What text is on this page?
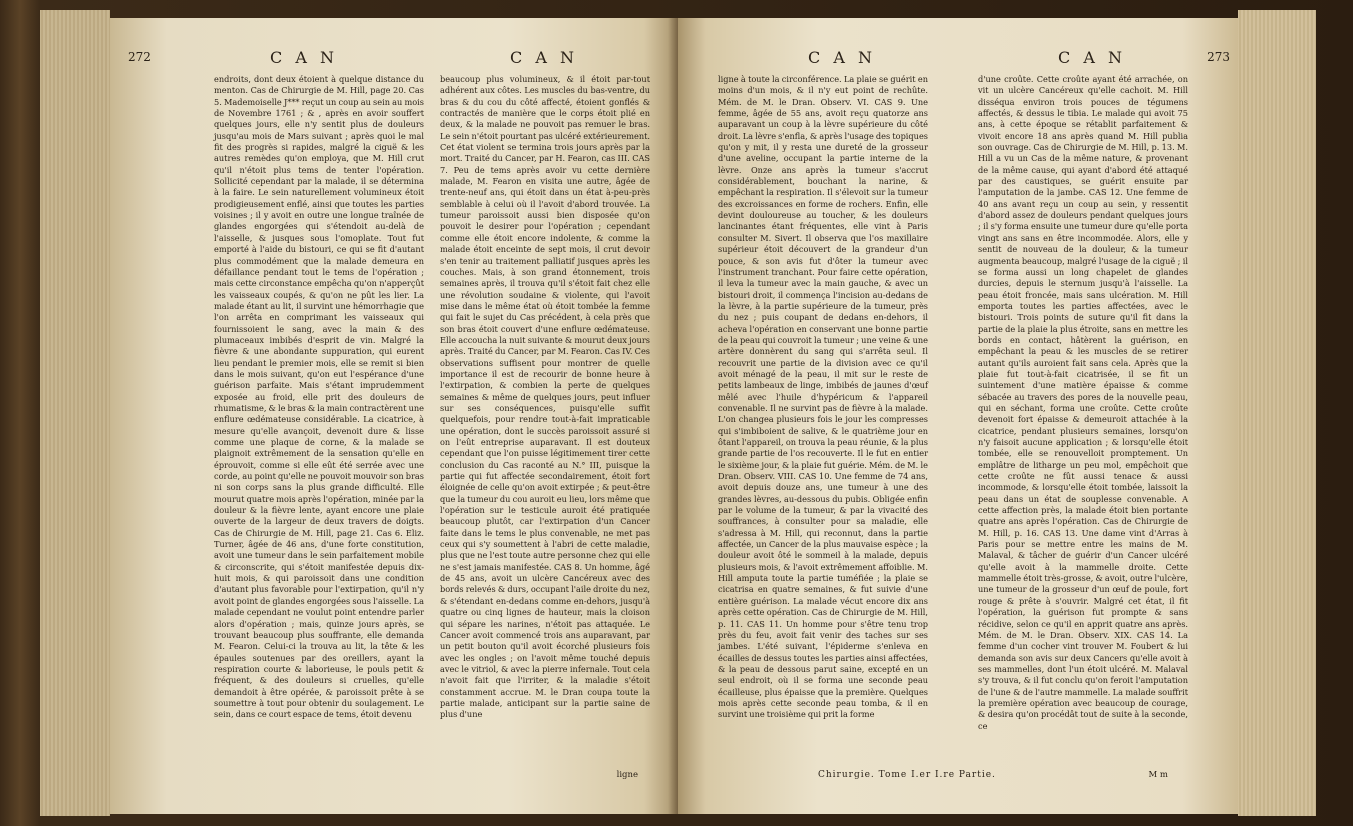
272	C A N	C A N
endroits, dont deux étoient à quelque distance du menton. Cas de Chirurgie de M. Hill, page 20. Cas 5. Mademoiselle J*** reçut un coup au sein au mois de Novembre 1761 ; & , après en avoir souffert quelques jours, elle n'y sentit plus de douleurs jusqu'au mois de Mars suivant ; après quoi le mal fit des progrès si rapides, malgré la ciguë & les autres remèdes qu'on employa, que M. Hill crut qu'il n'étoit plus tems de tenter l'opération. Sollicité cependant par la malade, il se détermina à la faire. Le sein naturellement volumineux étoit prodigieusement enflé, ainsi que toutes les parties voisines ; il y avoit en outre une longue traînée de glandes engorgées qui s'étendoit au-delà de l'aisselle, & jusques sous l'omoplate. Tout fut emporté à l'aide du bistouri, ce qui se fit d'autant plus commodément que la malade demeura en défaillance pendant tout le tems de l'opération ; mais cette circonstance empêcha qu'on n'apperçût les vaisseaux coupés, & qu'on ne pût les lier. La malade étant au lit, il survint une hémorrhagie que l'on arrêta en comprimant les vaisseaux qui fournissoient le sang, avec la main & des plumaceaux imbibés d'esprit de vin. Malgré la fièvre & une abondante suppuration, qui eurent lieu pendant le premier mois, elle se remit si bien dans le mois suivant, qu'on eut l'espérance d'une guérison parfaite. Mais s'étant imprudemment exposée au froid, elle prit des douleurs de rhumatisme, & le bras & la main contractèrent une enflure œdémateuse considérable. La cicatrice, à mesure qu'elle avançoit, devenoit dure & lisse comme une plaque de corne, & la malade se plaignoit extrêmement de la sensation qu'elle en éprouvoit, comme si elle eût été serrée avec une corde, au point qu'elle ne pouvoit mouvoir son bras ni son corps sans la plus grande difficulté. Elle mourut quatre mois après l'opération, minée par la douleur & la fièvre lente, ayant encore une plaie ouverte de la largeur de deux travers de doigts. Cas de Chirurgie de M. Hill, page 21. Cas 6. Eliz. Turner, âgée de 46 ans, d'une forte constitution, avoit une tumeur dans le sein parfaitement mobile & circonscrite, qui s'étoit manifestée depuis dix-huit mois, & qui paroissoit dans une condition d'autant plus favorable pour l'extirpation, qu'il n'y avoit point de glandes engorgées sous l'aisselle. La malade cependant ne voulut point entendre parler alors d'opération ; mais, quinze jours après, se trouvant beaucoup plus souffrante, elle demanda M. Fearon. Celui-ci la trouva au lit, la tête & les épaules soutenues par des oreillers, ayant la respiration courte & laborieuse, le pouls petit & fréquent, & des douleurs si cruelles, qu'elle demandoit à être opérée, & paroissoit prête à se soumettre à tout pour obtenir du soulagement. Le sein, dans ce court espace de tems, étoit devenu
beaucoup plus volumineux, & il étoit par-tout adhérent aux côtes. Les muscles du bas-ventre, du bras & du cou du côté affecté, étoient gonflés & contractés de manière que le corps étoit plié en deux, & la malade ne pouvoit pas remuer le bras. Le sein n'étoit pourtant pas ulcéré extérieurement. Cet état violent se termina trois jours après par la mort. Traité du Cancer, par H. Fearon, cas III. CAS 7. Peu de tems après avoir vu cette dernière malade, M. Fearon en visita une autre, âgée de trente-neuf ans, qui étoit dans un état à-peu-près semblable à celui où il l'avoit d'abord trouvée. La tumeur paroissoit aussi bien disposée qu'on pouvoit le desirer pour l'opération ; cependant comme elle étoit encore indolente, & comme la malade étoit enceinte de sept mois, il crut devoir s'en tenir au traitement palliatif jusques après les couches. Mais, à son grand étonnement, trois semaines après, il trouva qu'il s'étoit fait chez elle une révolution soudaine & violente, qui l'avoit mise dans le même état où étoit tombée la femme qui fait le sujet du Cas précédent, à cela près que son bras étoit couvert d'une enflure œdémateuse. Elle accoucha la nuit suivante & mourut deux jours après. Traité du Cancer, par M. Fearon. Cas IV. Ces observations suffisent pour montrer de quelle importance il est de recourir de bonne heure à l'extirpation, & combien la perte de quelques semaines & même de quelques jours, peut influer sur ses conséquences, puisqu'elle suffit quelquefois, pour rendre tout-à-fait impraticable une opération, dont le succès paroissoit assuré si on l'eût entreprise auparavant. Il est douteux cependant que l'on puisse légitimement tirer cette conclusion du Cas raconté au N.° III, puisque la partie qui fut affectée secondairement, étoit fort éloignée de celle qu'on avoit extirpée ; & peut-être que la tumeur du cou auroit eu lieu, lors même que l'opération sur le testicule auroit été pratiquée beaucoup plutôt, car l'extirpation d'un Cancer faite dans le tems le plus convenable, ne met pas ceux qui s'y soumettent à l'abri de cette maladie, plus que ne l'est toute autre personne chez qui elle ne s'est jamais manifestée. CAS 8. Un homme, âgé de 45 ans, avoit un ulcère Cancéreux avec des bords relevés & durs, occupant l'aile droite du nez, & s'étendant en-dedans comme en-dehors, jusqu'à quatre ou cinq lignes de hauteur, mais la cloison qui sépare les narines, n'étoit pas attaquée. Le Cancer avoit commencé trois ans auparavant, par un petit bouton qu'il avoit écorché plusieurs fois avec les ongles ; on l'avoit même touché depuis avec le vitriol, & avec la pierre infernale. Tout cela n'avoit fait que l'irriter, & la maladie s'étoit constamment accrue. M. le Dran coupa toute la partie malade, anticipant sur la partie saine de plus d'une
ligne
C A N	C A N	273
ligne à toute la circonférence. La plaie se guérit en moins d'un mois, & il n'y eut point de rechûte. Mém. de M. le Dran. Observ. VI. CAS 9. Une femme, âgée de 55 ans, avoit reçu quatorze ans auparavant un coup à la lèvre supérieure du côté droit. La lèvre s'enfla, & après l'usage des topiques qu'on y mit, il y resta une dureté de la grosseur d'une aveline, occupant la partie interne de la lèvre. Onze ans après la tumeur s'accrut considérablement, bouchant la narine, & empêchant la respiration. Il s'élevoit sur la tumeur des excroissances en forme de rochers. Enfin, elle devint douloureuse au toucher, & les douleurs lancinantes étant fréquentes, elle vint à Paris consulter M. Sivert. Il observa que l'os maxillaire supérieur étoit découvert de la grandeur d'un pouce, & son avis fut d'ôter la tumeur avec l'instrument tranchant. Pour faire cette opération, il leva la tumeur avec la main gauche, & avec un bistouri droit, il commença l'incision au-dedans de la lèvre, à la partie supérieure de la tumeur, près du nez ; puis coupant de dedans en-dehors, il acheva l'opération en conservant une bonne partie de la peau qui couvroit la tumeur ; une veine & une artère donnèrent du sang qui s'arrêta seul. Il recouvrit une partie de la division avec ce qu'il avoit ménagé de la peau, il mit sur le reste de petits lambeaux de linge, imbibés de jaunes d'œuf mêlé avec l'huile d'hypéricum & l'appareil convenable. Il ne survint pas de fièvre à la malade. L'on changea plusieurs fois le jour les compresses qui s'imbiboient de salive, & le quatrième jour en ôtant l'appareil, on trouva la peau réunie, & la plus grande partie de l'os recouverte. Il le fut en entier le sixième jour, & la plaie fut guérie. Mém. de M. le Dran. Observ. VIII. CAS 10. Une femme de 74 ans, avoit depuis douze ans, une tumeur à une des grandes lèvres, au-dessous du pubis. Obligée enfin par le volume de la tumeur, & par la vivacité des souffrances, à consulter pour sa maladie, elle s'adressa à M. Hill, qui reconnut, dans la partie affectée, un Cancer de la plus mauvaise espèce ; la douleur avoit ôté le sommeil à la malade, depuis plusieurs mois, & l'avoit extrêmement affoiblie. M. Hill amputa toute la partie tuméfiée ; la plaie se cicatrisa en quatre semaines, & fut suivie d'une entière guérison. La malade vécut encore dix ans après cette opération. Cas de Chirurgie de M. Hill, p. 11. CAS 11. Un homme pour s'être tenu trop près du feu, avoit fait venir des taches sur ses jambes. L'été suivant, l'épiderme s'enleva en écailles de dessus toutes les parties ainsi affectées, & la peau de dessous parut saine, excepté en un seul endroit, où il se forma une seconde peau écailleuse, plus épaisse que la première. Quelques mois après cette seconde peau tomba, & il en survint une troisième qui prit la forme
d'une croûte. Cette croûte ayant été arrachée, on vit un ulcère Cancéreux qu'elle cachoit. M. Hill disséqua environ trois pouces de tégumens affectés, & dessus le tibia. Le malade qui avoit 75 ans, à cette époque se rétablit parfaitement & vivoit encore 18 ans après quand M. Hill publia son ouvrage. Cas de Chirurgie de M. Hill, p. 13. M. Hill a vu un Cas de la même nature, & provenant de la même cause, qui ayant d'abord été attaqué par des caustiques, se guérit ensuite par l'amputation de la jambe. CAS 12. Une femme de 40 ans avant reçu un coup au sein, y ressentit d'abord assez de douleurs pendant quelques jours ; il s'y forma ensuite une tumeur dure qu'elle porta vingt ans sans en être incommodée. Alors, elle y sentit de nouveau de la douleur, & la tumeur augmenta beaucoup, malgré l'usage de la ciguë ; il se forma aussi un long chapelet de glandes durcies, depuis le sternum jusqu'à l'aisselle. La peau étoit froncée, mais sans ulcération. M. Hill emporta toutes les parties affectées, avec le bistouri. Trois points de suture qu'il fit dans la partie de la plaie la plus étroite, sans en mettre les bords en contact, hâtèrent la guérison, en empêchant la peau & les muscles de se retirer autant qu'ils auroient fait sans cela. Après que la plaie fut tout-à-fait cicatrisée, il se fit un suintement d'une matière épaisse & comme sébacée au travers des pores de la nouvelle peau, qui en séchant, forma une croûte. Cette croûte devenoit fort épaisse & demeuroit attachée à la cicatrice, pendant plusieurs semaines, lorsqu'on n'y faisoit aucune application ; & lorsqu'elle étoit tombée, elle se renouvelloit promptement. Un emplâtre de litharge un peu mol, empêchoit que cette croûte ne fût aussi tenace & aussi incommode, & lorsqu'elle étoit tombée, laissoit la peau dans un état de souplesse convenable. A cette affection près, la malade étoit bien portante quatre ans après l'opération. Cas de Chirurgie de M. Hill, p. 16. CAS 13. Une dame vint d'Arras à Paris pour se mettre entre les mains de M. Malaval, & tâcher de guérir d'un Cancer ulcéré qu'elle avoit à la mammelle droite. Cette mammelle étoit très-grosse, & avoit, outre l'ulcère, une tumeur de la grosseur d'un œuf de poule, fort rouge & prête à s'ouvrir. Malgré cet état, il fit l'opération, la guérison fut prompte & sans récidive, selon ce qu'il en apprit quatre ans après. Mém. de M. le Dran. Observ. XIX. CAS 14. La femme d'un cocher vint trouver M. Foubert & lui demanda son avis sur deux Cancers qu'elle avoit à ses mammelles, dont l'un étoit ulcéré. M. Malaval s'y trouva, & il fut conclu qu'on feroit l'amputation de l'une & de l'autre mammelle. La malade souffrit la première opération avec beaucoup de courage, & desira qu'on procédât tout de suite à la seconde, ce
Chirurgie. Tome I.er I.re Partie.	M m
